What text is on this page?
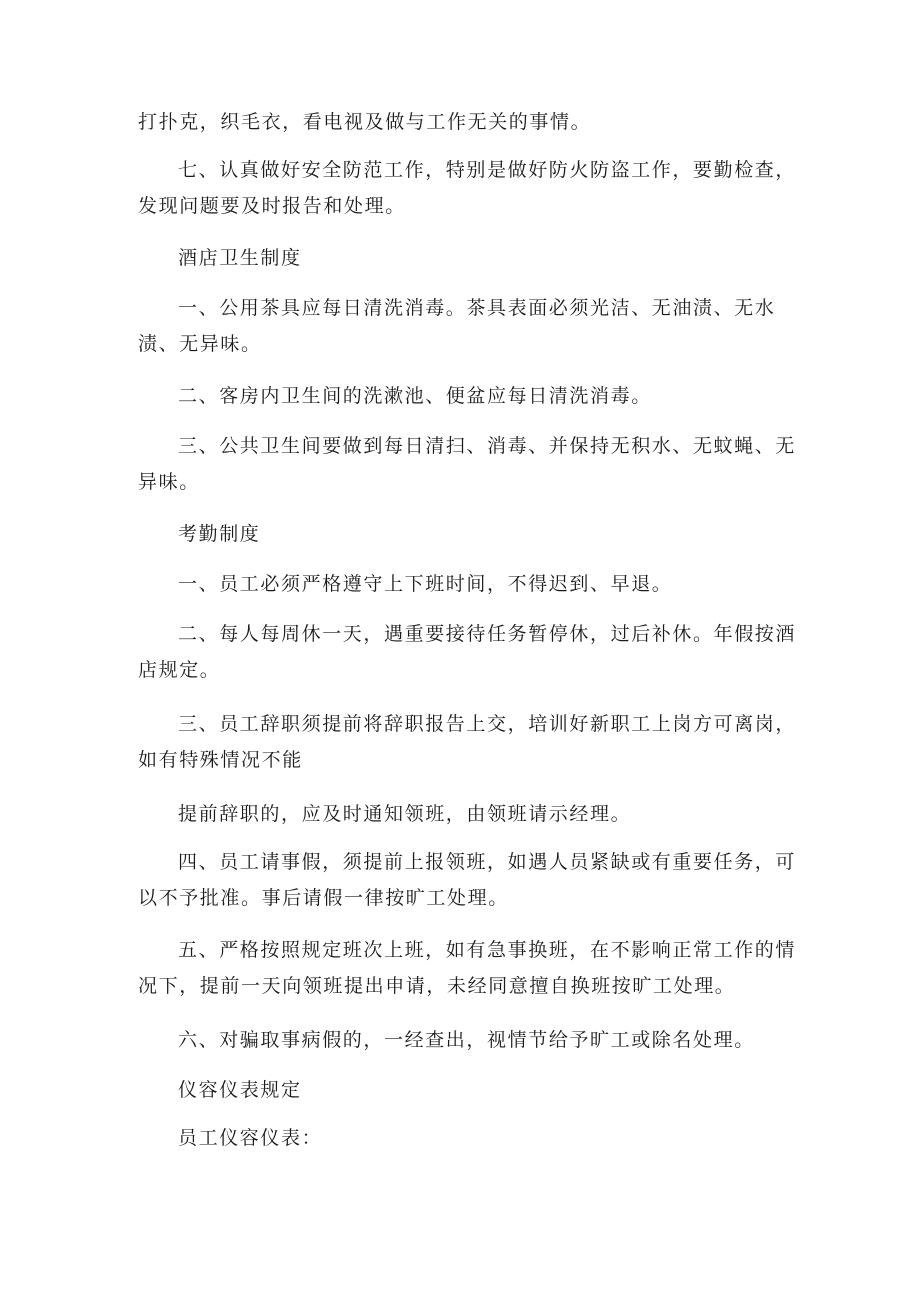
打扑克，织毛衣，看电视及做与工作无关的事情。

七、认真做好安全防范工作，特别是做好防火防盗工作，要勤检查，发现问题要及时报告和处理。

酒店卫生制度

一、公用茶具应每日清洗消毒。茶具表面必须光洁、无油渍、无水渍、无异味。

二、客房内卫生间的洗漱池、便盆应每日清洗消毒。

三、公共卫生间要做到每日清扫、消毒、并保持无积水、无蚊蝇、无异味。

考勤制度

一、员工必须严格遵守上下班时间，不得迟到、早退。

二、每人每周休一天，遇重要接待任务暂停休，过后补休。年假按酒店规定。

三、员工辞职须提前将辞职报告上交，培训好新职工上岗方可离岗，如有特殊情况不能

提前辞职的，应及时通知领班，由领班请示经理。

四、员工请事假，须提前上报领班，如遇人员紧缺或有重要任务，可以不予批准。事后请假一律按旷工处理。

五、严格按照规定班次上班，如有急事换班，在不影响正常工作的情况下，提前一天向领班提出申请，未经同意擅自换班按旷工处理。

六、对骗取事病假的，一经查出，视情节给予旷工或除名处理。

仪容仪表规定

员工仪容仪表：
